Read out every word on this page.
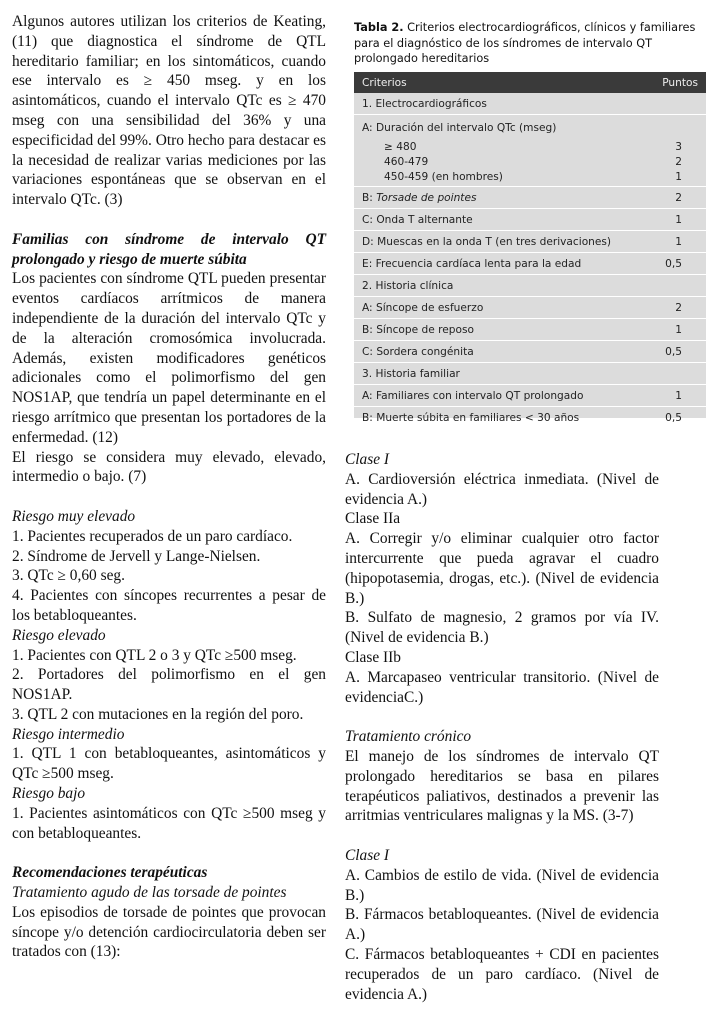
Algunos autores utilizan los criterios de Keating, (11) que diagnostica el síndrome de QTL hereditario familiar; en los sintomáticos, cuando ese intervalo es ≥ 450 mseg. y en los asintomáticos, cuando el intervalo QTc es ≥ 470 mseg con una sensibilidad del 36% y una especificidad del 99%. Otro hecho para destacar es la necesidad de realizar varias mediciones por las variaciones espontáneas que se observan en el intervalo QTc. (3)

Familias con síndrome de intervalo QT prolongado y riesgo de muerte súbita

Los pacientes con síndrome QTL pueden presentar eventos cardíacos arrítmicos de manera independiente de la duración del intervalo QTc y de la alteración cromosómica involucrada. Además, existen modificadores genéticos adicionales como el polimorfismo del gen NOS1AP, que tendría un papel determinante en el riesgo arrítmico que presentan los portadores de la enfermedad. (12)

El riesgo se considera muy elevado, elevado, intermedio o bajo. (7)

Riesgo muy elevado

1. Pacientes recuperados de un paro cardíaco.

2. Síndrome de Jervell y Lange-Nielsen.

3. QTc ≥ 0,60 seg.

4. Pacientes con síncopes recurrentes a pesar de los betabloqueantes.

Riesgo elevado

1. Pacientes con QTL 2 o 3 y QTc ≥500 mseg.

2. Portadores del polimorfismo en el gen NOS1AP.

3. QTL 2 con mutaciones en la región del poro.

Riesgo intermedio

1. QTL 1 con betabloqueantes, asintomáticos y QTc ≥500 mseg.

Riesgo bajo

1. Pacientes asintomáticos con QTc ≥500 mseg y con betabloqueantes.

Recomendaciones terapéuticas

Tratamiento agudo de las torsade de pointes

Los episodios de torsade de pointes que provocan síncope y/o detención cardiocirculatoria deben ser tratados con (13):

Tabla 2. Criterios electrocardiográficos, clínicos y familiares para el diagnóstico de los síndromes de intervalo QT prolongado hereditarios
Criterios	Puntos
1. Electrocardiográficos
A: Duración del intervalo QTc (mseg)
≥ 480	3
460-479	2
450-459 (en hombres)	1
B: Torsade de pointes	2
C: Onda T alternante	1
D: Muescas en la onda T (en tres derivaciones)	1
E: Frecuencia cardíaca lenta para la edad	0,5
2. Historia clínica
A: Síncope de esfuerzo	2
B: Síncope de reposo	1
C: Sordera congénita	0,5
3. Historia familiar
A: Familiares con intervalo QT prolongado	1
B: Muerte súbita en familiares < 30 años	0,5

Clase I

A. Cardioversión eléctrica inmediata. (Nivel de evidencia A.)

Clase IIa

A. Corregir y/o eliminar cualquier otro factor intercurrente que pueda agravar el cuadro (hipopotasemia, drogas, etc.). (Nivel de evidencia B.)

B. Sulfato de magnesio, 2 gramos por vía IV. (Nivel de evidencia B.)

Clase IIb

A. Marcapaseo ventricular transitorio. (Nivel de evidenciaC.)

Tratamiento crónico

El manejo de los síndromes de intervalo QT prolongado hereditarios se basa en pilares terapéuticos paliativos, destinados a prevenir las arritmias ventriculares malignas y la MS. (3-7)

Clase I

A. Cambios de estilo de vida. (Nivel de evidencia B.)

B. Fármacos betabloqueantes. (Nivel de evidencia A.)

C. Fármacos betabloqueantes + CDI en pacientes recuperados de un paro cardíaco. (Nivel de evidencia A.)
